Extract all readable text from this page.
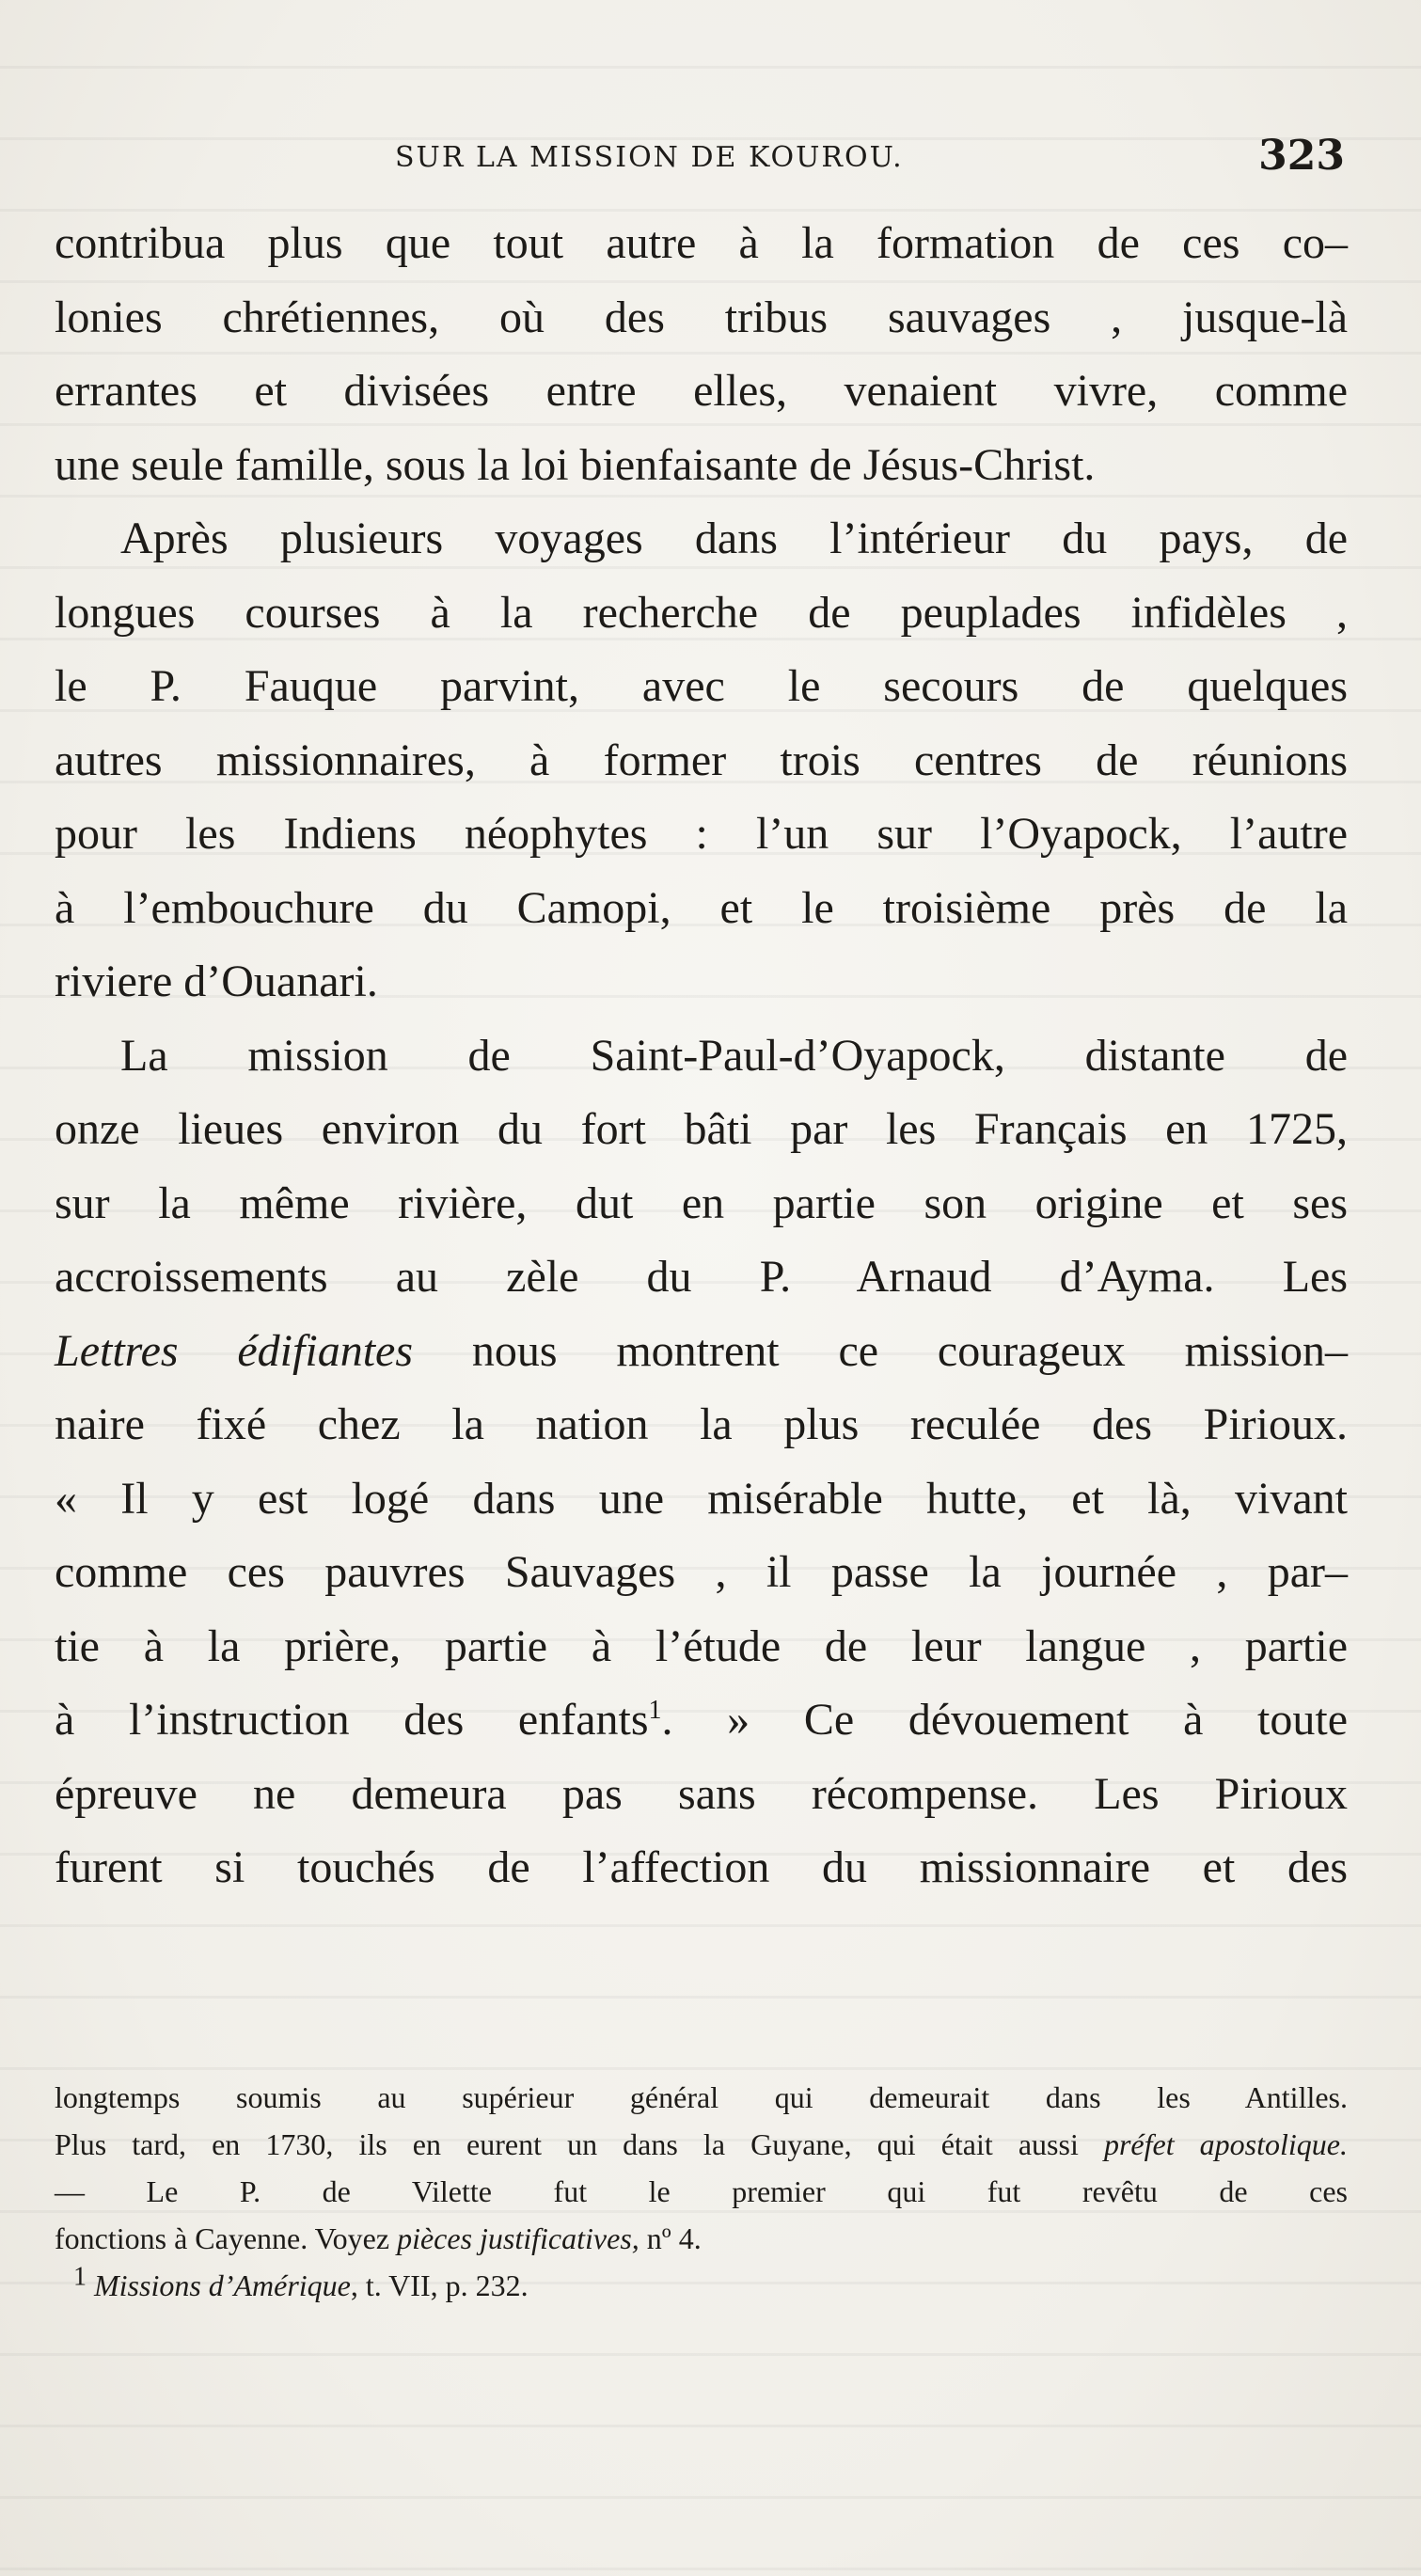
SUR LA MISSION DE KOUROU.	323
contribua plus que tout autre à la formation de ces co–
lonies chrétiennes, où des tribus sauvages , jusque-là
errantes et divisées entre elles, venaient vivre, comme
une seule famille, sous la loi bienfaisante de Jésus-Christ.
Après plusieurs voyages dans l’intérieur du pays, de
longues courses à la recherche de peuplades infidèles ,
le P. Fauque parvint, avec le secours de quelques
autres missionnaires, à former trois centres de réunions
pour les Indiens néophytes : l’un sur l’Oyapock, l’autre
à l’embouchure du Camopi, et le troisième près de la
riviere d’Ouanari.
La mission de Saint-Paul-d’Oyapock, distante de
onze lieues environ du fort bâti par les Français en 1725,
sur la même rivière, dut en partie son origine et ses
accroissements au zèle du P. Arnaud d’Ayma. Les
Lettres édifiantes nous montrent ce courageux mission–
naire fixé chez la nation la plus reculée des Pirioux.
« Il y est logé dans une misérable hutte, et là, vivant
comme ces pauvres Sauvages , il passe la journée , par–
tie à la prière, partie à l’étude de leur langue , partie
à l’instruction des enfants$^1$. » Ce dévouement à toute
épreuve ne demeura pas sans récompense. Les Pirioux
furent si touchés de l’affection du missionnaire et des
longtemps soumis au supérieur général qui demeurait dans les Antilles.
Plus tard, en 1730, ils en eurent un dans la Guyane, qui était aussi préfet apostolique.
— Le P. de Vilette fut le premier qui fut revêtu de ces
fonctions à Cayenne. Voyez pièces justificatives, nº 4.
$^1$ Missions d’Amérique, t. VII, p. 232.
